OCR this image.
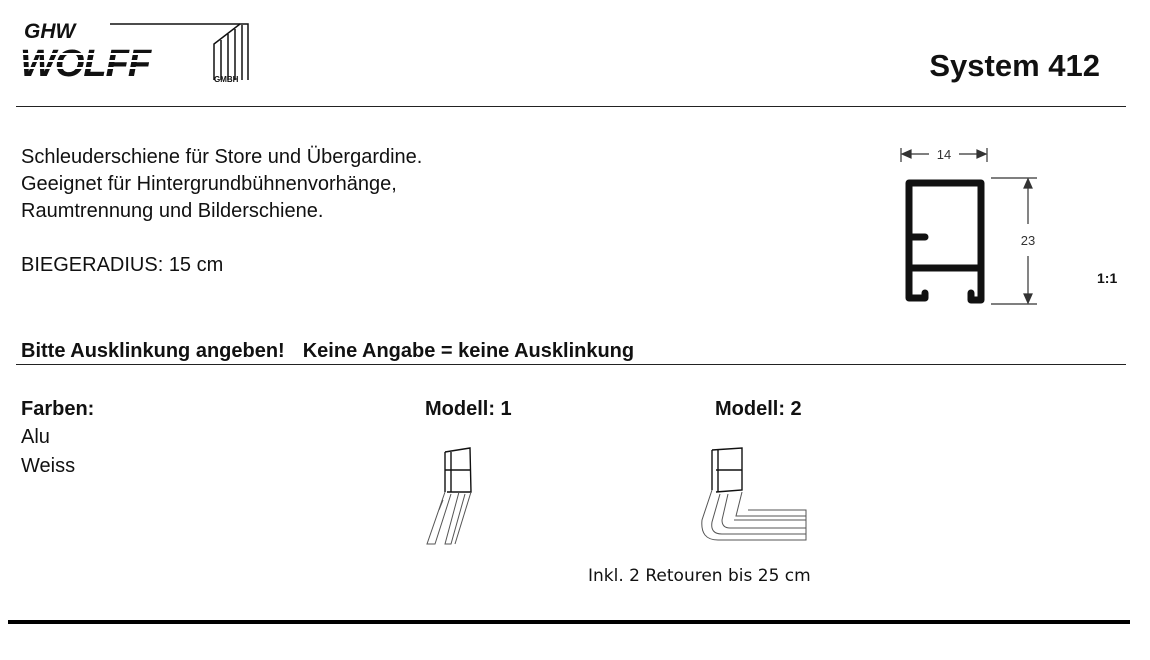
GHW
WOLFF	GMBH	System 412
Schleuderschiene für Store und Übergardine.
Geeignet für Hintergrundbühnenvorhänge,
Raumtrennung und Bilderschiene.
BIEGERADIUS: 15 cm
14
23
1:1
Bitte Ausklinkung angeben! Keine Angabe = keine Ausklinkung
Farben:
Alu
Weiss
Modell: 1	Modell: 2
Inkl. 2 Retouren bis 25 cm
